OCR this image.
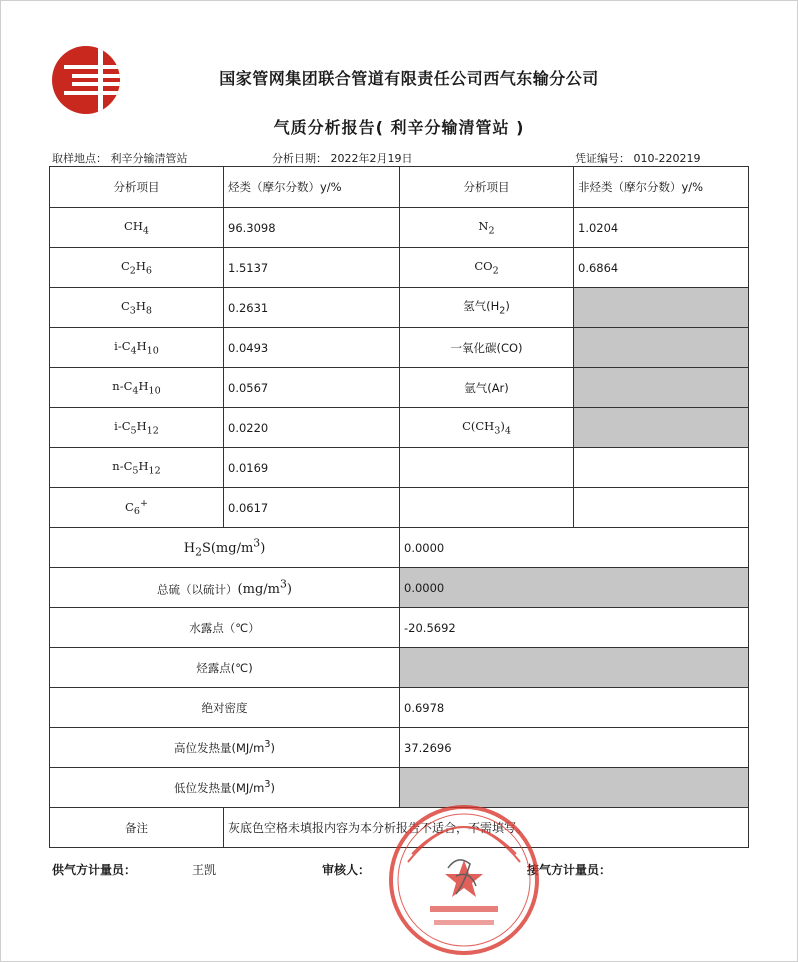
国家管网集团联合管道有限责任公司西气东输分公司
气质分析报告( 利辛分输清管站 )
取样地点： 利辛分输清管站	分析日期： 2022年2月19日	凭证编号： 010-220219
分析项目	烃类（摩尔分数）y/%	分析项目	非烃类（摩尔分数）y/%
$CH_4$	96.3098	$N_2$	1.0204
$C_2H_6$	1.5137	$CO_2$	0.6864
$C_3H_8$	0.2631	氢气$(H_2)$	
$i-C_4H_{10}$	0.0493	一氧化碳(CO)	
$n-C_4H_{10}$	0.0567	氩气(Ar)	
$i-C_5H_{12}$	0.0220	$C(CH_3)_4$	
$n-C_5H_{12}$	0.0169		
$C_6^+$	0.0617		
$H_2S(mg/m^3)$		0.0000	
总硫（以硫计）$(mg/m^3)$		0.0000	
水露点（℃）		-20.5692	
烃露点(℃)			
绝对密度		0.6978	
高位发热量$(MJ/m^3)$		37.2696	
低位发热量$(MJ/m^3)$			
备注	灰底色空格未填报内容为本分析报告不适合，不需填写。		
供气方计量员：	王凯	审核人：	接气方计量员：
